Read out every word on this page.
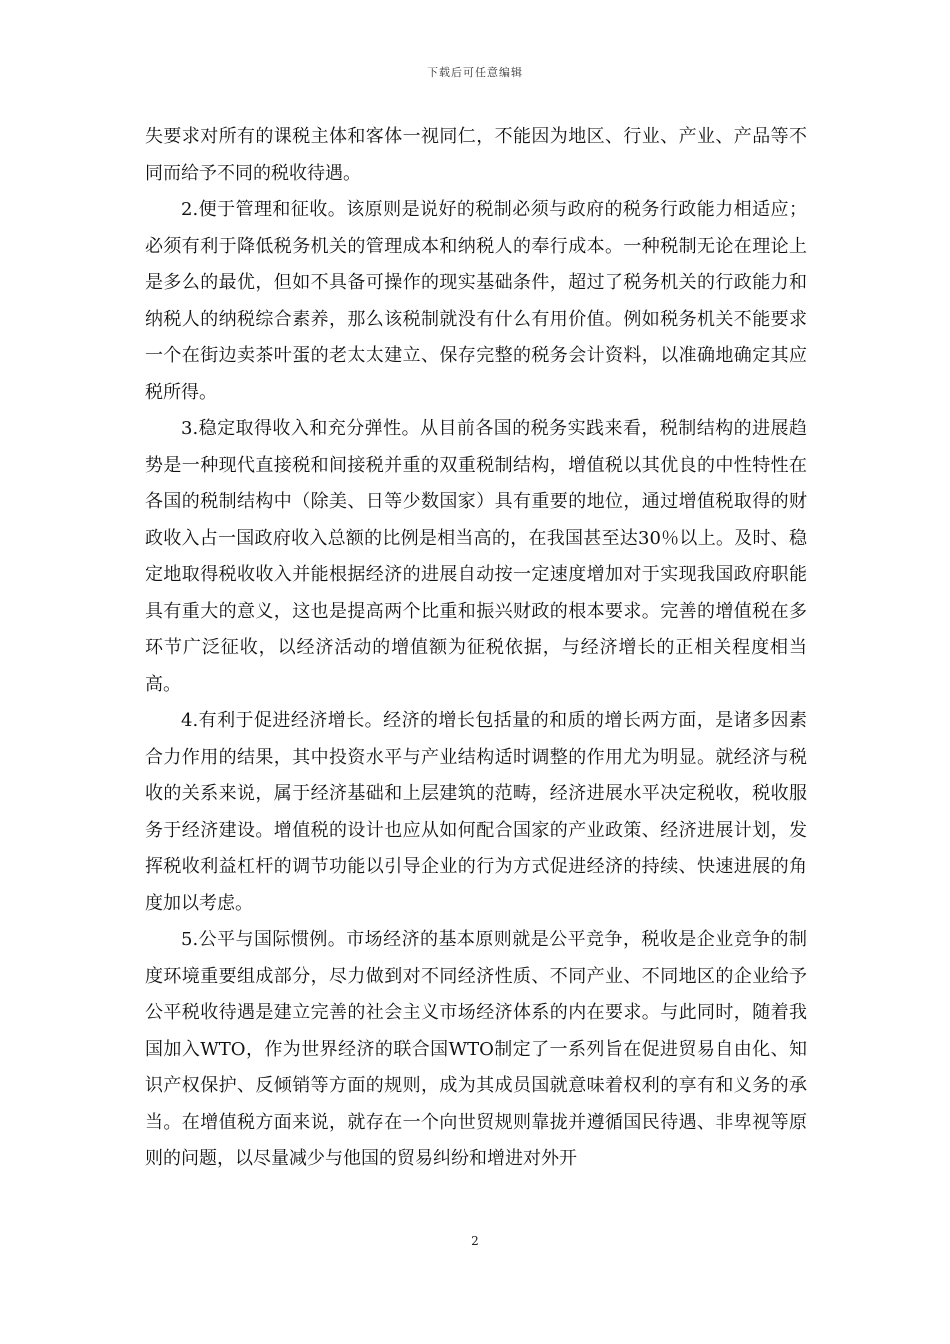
下载后可任意编辑

失要求对所有的课税主体和客体一视同仁，不能因为地区、行业、产业、产品等不同而给予不同的税收待遇。

2.便于管理和征收。该原则是说好的税制必须与政府的税务行政能力相适应；必须有利于降低税务机关的管理成本和纳税人的奉行成本。一种税制无论在理论上是多么的最优，但如不具备可操作的现实基础条件，超过了税务机关的行政能力和纳税人的纳税综合素养，那么该税制就没有什么有用价值。例如税务机关不能要求一个在街边卖茶叶蛋的老太太建立、保存完整的税务会计资料，以准确地确定其应税所得。

3.稳定取得收入和充分弹性。从目前各国的税务实践来看，税制结构的进展趋势是一种现代直接税和间接税并重的双重税制结构，增值税以其优良的中性特性在各国的税制结构中（除美、日等少数国家）具有重要的地位，通过增值税取得的财政收入占一国政府收入总额的比例是相当高的，在我国甚至达30％以上。及时、稳定地取得税收收入并能根据经济的进展自动按一定速度增加对于实现我国政府职能具有重大的意义，这也是提高两个比重和振兴财政的根本要求。完善的增值税在多环节广泛征收，以经济活动的增值额为征税依据，与经济增长的正相关程度相当高。

4.有利于促进经济增长。经济的增长包括量的和质的增长两方面，是诸多因素合力作用的结果，其中投资水平与产业结构适时调整的作用尤为明显。就经济与税收的关系来说，属于经济基础和上层建筑的范畴，经济进展水平决定税收，税收服务于经济建设。增值税的设计也应从如何配合国家的产业政策、经济进展计划，发挥税收利益杠杆的调节功能以引导企业的行为方式促进经济的持续、快速进展的角度加以考虑。

5.公平与国际惯例。市场经济的基本原则就是公平竞争，税收是企业竞争的制度环境重要组成部分，尽力做到对不同经济性质、不同产业、不同地区的企业给予公平税收待遇是建立完善的社会主义市场经济体系的内在要求。与此同时，随着我国加入WTO，作为世界经济的联合国WTO制定了一系列旨在促进贸易自由化、知识产权保护、反倾销等方面的规则，成为其成员国就意味着权利的享有和义务的承当。在增值税方面来说，就存在一个向世贸规则靠拢并遵循国民待遇、非卑视等原则的问题，以尽量减少与他国的贸易纠纷和增进对外开

2
